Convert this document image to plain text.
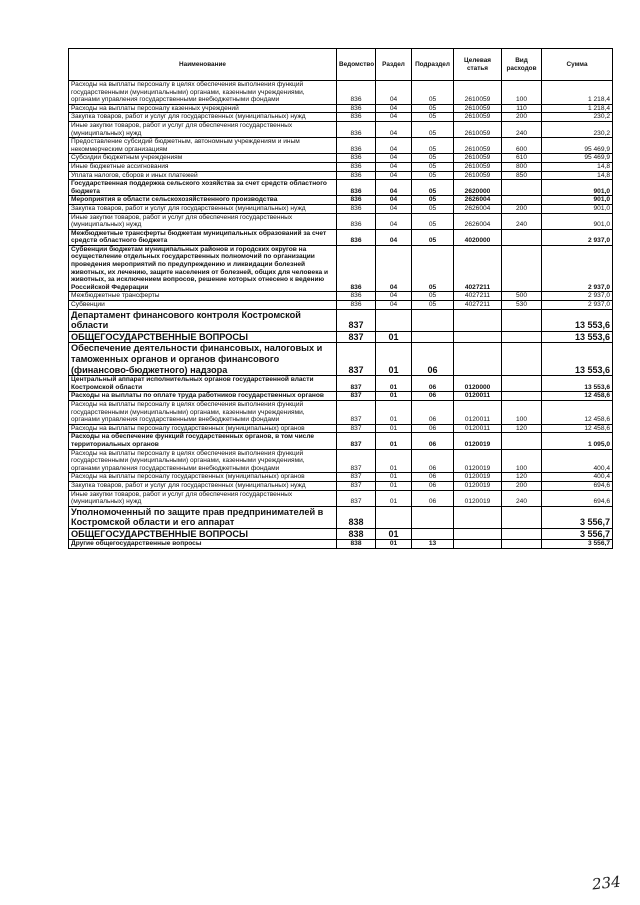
Наименование	Ведомство	Раздел	Подраздел	Целевая статья	Вид расходов	Сумма
Расходы на выплаты персоналу в целях обеспечения выполнения функций государственными (муниципальными) органами, казенными учреждениями, органами управления государственными внебюджетными фондами	836	04	05	2610059	100	1 218,4
Расходы на выплаты персоналу казенных учреждений	836	04	05	2610059	110	1 218,4
Закупка товаров, работ и услуг для государственных (муниципальных) нужд	836	04	05	2610059	200	230,2
Иные закупки товаров, работ и услуг для обеспечения государственных (муниципальных) нужд	836	04	05	2610059	240	230,2
Предоставление субсидий бюджетным, автономным учреждениям и иным некоммерческим организациям	836	04	05	2610059	600	95 469,9
Субсидии бюджетным учреждениям	836	04	05	2610059	610	95 469,9
Иные бюджетные ассигнования	836	04	05	2610059	800	14,8
Уплата налогов, сборов и иных платежей	836	04	05	2610059	850	14,8
Государственная поддержка сельского хозяйства за счет средств областного бюджета	836	04	05	2620000		901,0
Мероприятия в области сельскохозяйственного производства	836	04	05	2626004		901,0
Закупка товаров, работ и услуг для государственных (муниципальных) нужд	836	04	05	2626004	200	901,0
Иные закупки товаров, работ и услуг для обеспечения государственных (муниципальных) нужд	836	04	05	2626004	240	901,0
Межбюджетные трансферты бюджетам муниципальных образований за счет средств областного бюджета	836	04	05	4020000		2 937,0
Субвенции бюджетам муниципальных районов и городских округов на осуществление отдельных государственных полномочий по организации проведения мероприятий по предупреждению и ликвидации болезней животных, их лечению, защите населения от болезней, общих для человека и животных, за исключением вопросов, решение которых отнесено к ведению Российской Федерации	836	04	05	4027211		2 937,0
Межбюджетные трансферты	836	04	05	4027211	500	2 937,0
Субвенции	836	04	05	4027211	530	2 937,0
Департамент финансового контроля Костромской области	837					13 553,6
ОБЩЕГОСУДАРСТВЕННЫЕ ВОПРОСЫ	837	01				13 553,6
Обеспечение деятельности финансовых, налоговых и таможенных органов и органов финансового (финансово-бюджетного) надзора	837	01	06			13 553,6
Центральный аппарат исполнительных органов государственной власти Костромской области	837	01	06	0120000		13 553,6
Расходы на выплаты по оплате труда работников государственных органов	837	01	06	0120011		12 458,6
Расходы на выплаты персоналу в целях обеспечения выполнения функций государственными (муниципальными) органами, казенными учреждениями, органами управления государственными внебюджетными фондами	837	01	06	0120011	100	12 458,6
Расходы на выплаты персоналу государственных (муниципальных) органов	837	01	06	0120011	120	12 458,6
Расходы на обеспечение функций государственных органов, в том числе территориальных органов	837	01	06	0120019		1 095,0
Расходы на выплаты персоналу в целях обеспечения выполнения функций государственными (муниципальными) органами, казенными учреждениями, органами управления государственными внебюджетными фондами	837	01	06	0120019	100	400,4
Расходы на выплаты персоналу государственных (муниципальных) органов	837	01	06	0120019	120	400,4
Закупка товаров, работ и услуг для государственных (муниципальных) нужд	837	01	06	0120019	200	694,6
Иные закупки товаров, работ и услуг для обеспечения государственных (муниципальных) нужд	837	01	06	0120019	240	694,6
Уполномоченный по защите прав предпринимателей в Костромской области и его аппарат	838					3 556,7
ОБЩЕГОСУДАРСТВЕННЫЕ ВОПРОСЫ	838	01				3 556,7
Другие общегосударственные вопросы	838	01	13			3 556,7
234
